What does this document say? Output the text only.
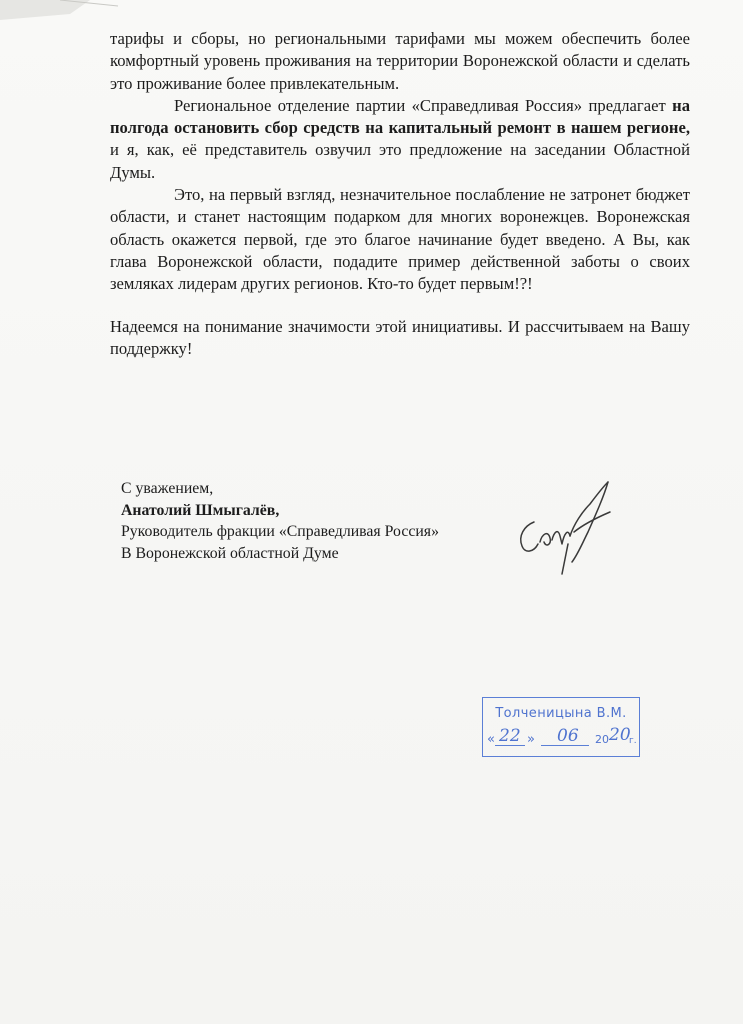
тарифы и сборы, но региональными тарифами мы можем обеспечить более комфортный уровень проживания на территории Воронежской области и сделать это проживание более привлекательным.

Региональное отделение партии «Справедливая Россия» предлагает на полгода остановить сбор средств на капитальный ремонт в нашем регионе, и я, как, её представитель озвучил это предложение на заседании Областной Думы.

Это, на первый взгляд, незначительное послабление не затронет бюджет области, и станет настоящим подарком для многих воронежцев. Воронежская область окажется первой, где это благое начинание будет введено. А Вы, как глава Воронежской области, подадите пример действенной заботы о своих земляках лидерам других регионов. Кто-то будет первым!?!

Надеемся на понимание значимости этой инициативы. И рассчитываем на Вашу поддержку!

С уважением,
Анатолий Шмыгалёв,
Руководитель фракции «Справедливая Россия»
В Воронежской областной Думе
Толченицына В.М.
« 22 » 06 20 20
г.
